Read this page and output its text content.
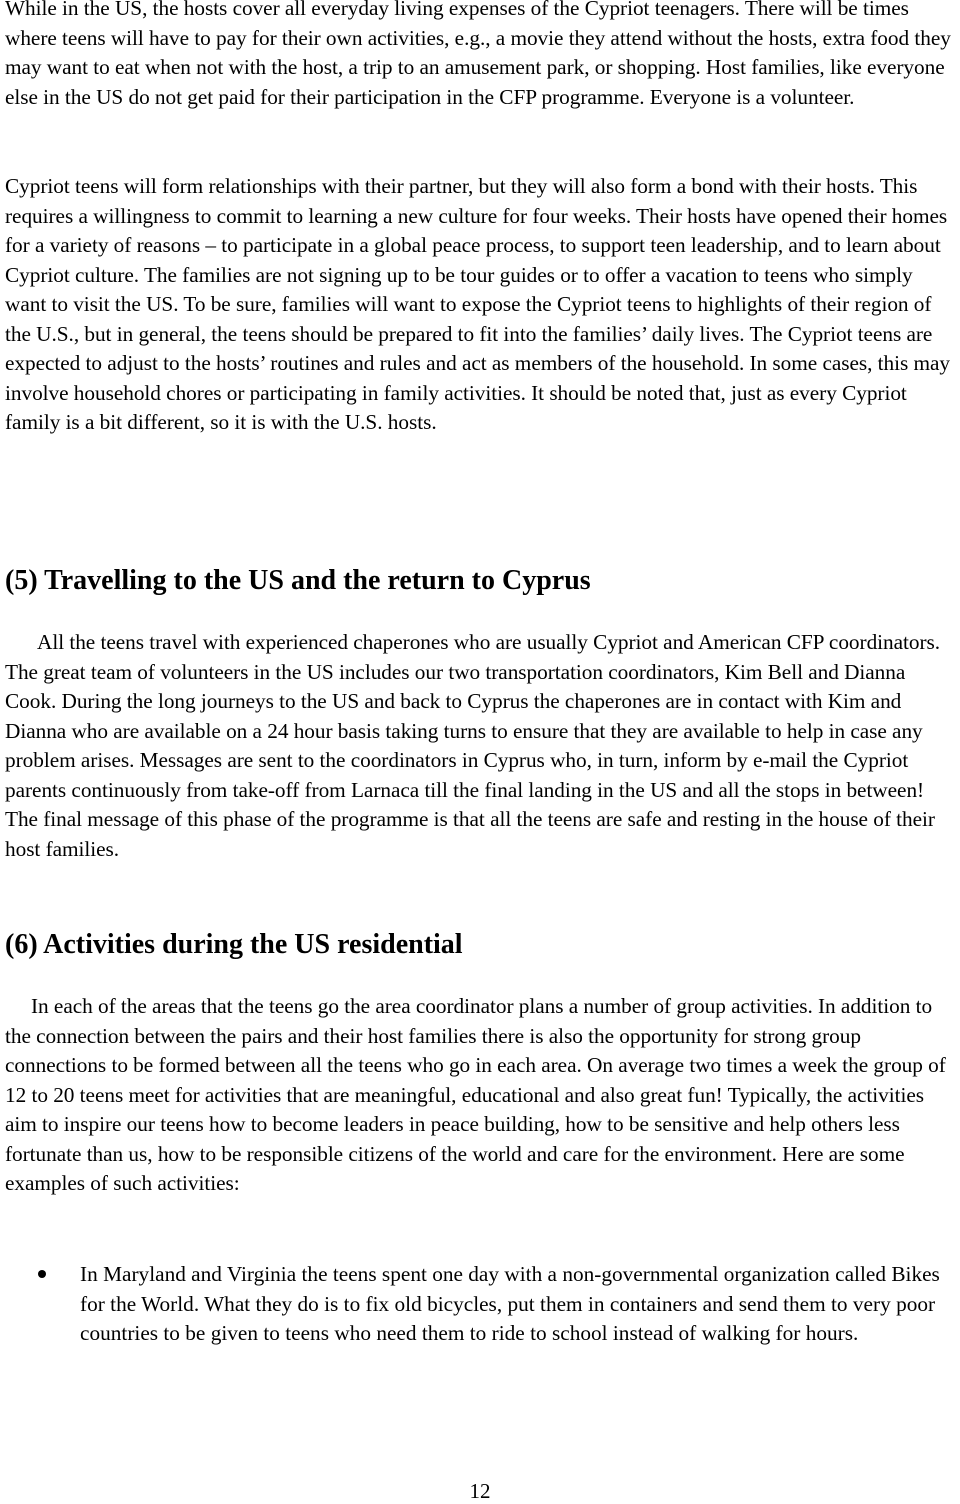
While in the US, the hosts cover all everyday living expenses of the Cypriot teenagers. There will be times where teens will have to pay for their own activities, e.g., a movie they attend without the hosts, extra food they may want to eat when not with the host, a trip to an amusement park, or shopping. Host families, like everyone else in the US do not get paid for their participation in the CFP programme. Everyone is a volunteer.

Cypriot teens will form relationships with their partner, but they will also form a bond with their hosts. This requires a willingness to commit to learning a new culture for four weeks. Their hosts have opened their homes for a variety of reasons – to participate in a global peace process, to support teen leadership, and to learn about Cypriot culture. The families are not signing up to be tour guides or to offer a vacation to teens who simply want to visit the US. To be sure, families will want to expose the Cypriot teens to highlights of their region of the U.S., but in general, the teens should be prepared to fit into the families’ daily lives. The Cypriot teens are expected to adjust to the hosts’ routines and rules and act as members of the household. In some cases, this may involve household chores or participating in family activities. It should be noted that, just as every Cypriot family is a bit different, so it is with the U.S. hosts.

(5) Travelling to the US and the return to Cyprus

All the teens travel with experienced chaperones who are usually Cypriot and American CFP coordinators. The great team of volunteers in the US includes our two transportation coordinators, Kim Bell and Dianna Cook. During the long journeys to the US and back to Cyprus the chaperones are in contact with Kim and Dianna who are available on a 24 hour basis taking turns to ensure that they are available to help in case any problem arises. Messages are sent to the coordinators in Cyprus who, in turn, inform by e-mail the Cypriot parents continuously from take-off from Larnaca till the final landing in the US and all the stops in between! The final message of this phase of the programme is that all the teens are safe and resting in the house of their host families.

(6) Activities during the US residential

In each of the areas that the teens go the area coordinator plans a number of group activities. In addition to the connection between the pairs and their host families there is also the opportunity for strong group connections to be formed between all the teens who go in each area. On average two times a week the group of 12 to 20 teens meet for activities that are meaningful, educational and also great fun! Typically, the activities aim to inspire our teens how to become leaders in peace building, how to be sensitive and help others less fortunate than us, how to be responsible citizens of the world and care for the environment. Here are some examples of such activities:

In Maryland and Virginia the teens spent one day with a non-governmental organization called Bikes for the World. What they do is to fix old bicycles, put them in containers and send them to very poor countries to be given to teens who need them to ride to school instead of walking for hours.

12
